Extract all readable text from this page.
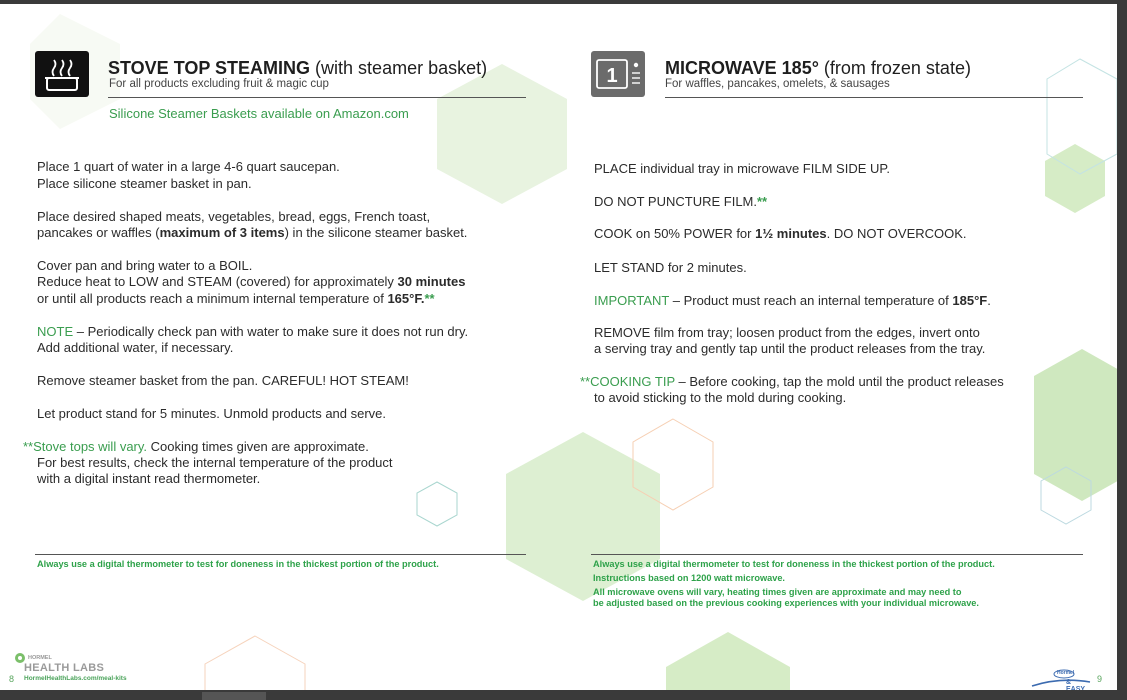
STOVE TOP STEAMING (with steamer basket)
For all products excluding fruit & magic cup
Silicone Steamer Baskets available on Amazon.com
Place 1 quart of water in a large 4-6 quart saucepan.
Place silicone steamer basket in pan.
Place desired shaped meats, vegetables, bread, eggs, French toast,
pancakes or waffles (maximum of 3 items) in the silicone steamer basket.
Cover pan and bring water to a BOIL.
Reduce heat to LOW and STEAM (covered) for approximately 30 minutes
or until all products reach a minimum internal temperature of 165°F.**
NOTE – Periodically check pan with water to make sure it does not run dry.
Add additional water, if necessary.
Remove steamer basket from the pan. CAREFUL! HOT STEAM!
Let product stand for 5 minutes. Unmold products and serve.
**Stove tops will vary. Cooking times given are approximate.
For best results, check the internal temperature of the product
with a digital instant read thermometer.
Always use a digital thermometer to test for doneness in the thickest portion of the product.
1	MICROWAVE 185° (from frozen state)
For waffles, pancakes, omelets, & sausages
PLACE individual tray in microwave FILM SIDE UP.
DO NOT PUNCTURE FILM.**
COOK on 50% POWER for 1½ minutes. DO NOT OVERCOOK.
LET STAND for 2 minutes.
IMPORTANT – Product must reach an internal temperature of 185°F.
REMOVE film from tray; loosen product from the edges, invert onto
a serving tray and gently tap until the product releases from the tray.
**COOKING TIP – Before cooking, tap the mold until the product releases
to avoid sticking to the mold during cooking.
Always use a digital thermometer to test for doneness in the thickest portion of the product.
Instructions based on 1200 watt microwave.
All microwave ovens will vary, heating times given are approximate and may need to
be adjusted based on the previous cooking experiences with your individual microwave.
HORMEL
HEALTH LABS
8 HormelHealthLabs.com/meal-kits
Hormel
& EASY
9
